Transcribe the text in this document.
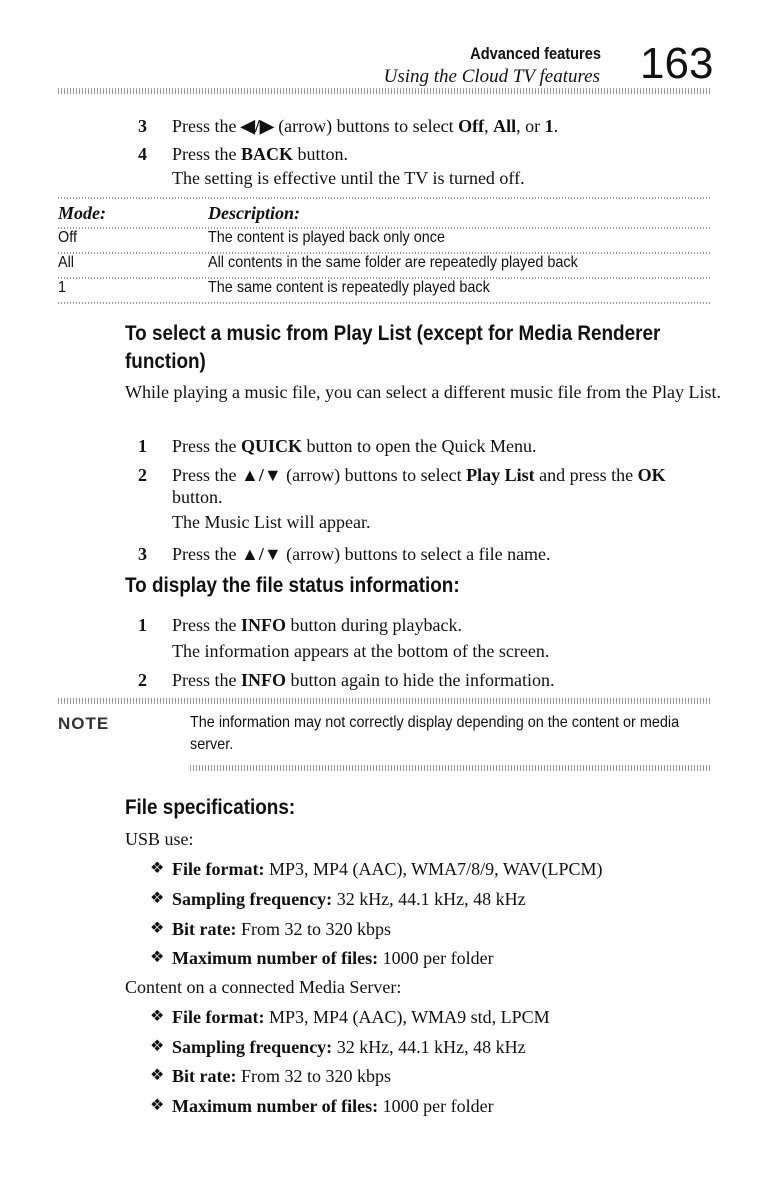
Advanced features
Using the Cloud TV features 163
3 Press the ◀/▶ (arrow) buttons to select Off, All, or 1.
4 Press the BACK button.
The setting is effective until the TV is turned off.
Mode:	Description:
Off	The content is played back only once
All	All contents in the same folder are repeatedly played back
1	The same content is repeatedly played back
To select a music from Play List (except for Media Renderer function)
While playing a music file, you can select a different music file from the Play List.
1 Press the QUICK button to open the Quick Menu.
2 Press the ▲/▼ (arrow) buttons to select Play List and press the OK button.
The Music List will appear.
3 Press the ▲/▼ (arrow) buttons to select a file name.
To display the file status information:
1 Press the INFO button during playback.
The information appears at the bottom of the screen.
2 Press the INFO button again to hide the information.
NOTE	The information may not correctly display depending on the content or media server.
File specifications:
USB use:
❖ File format: MP3, MP4 (AAC), WMA7/8/9, WAV(LPCM)
❖ Sampling frequency: 32 kHz, 44.1 kHz, 48 kHz
❖ Bit rate: From 32 to 320 kbps
❖ Maximum number of files: 1000 per folder
Content on a connected Media Server:
❖ File format: MP3, MP4 (AAC), WMA9 std, LPCM
❖ Sampling frequency: 32 kHz, 44.1 kHz, 48 kHz
❖ Bit rate: From 32 to 320 kbps
❖ Maximum number of files: 1000 per folder
